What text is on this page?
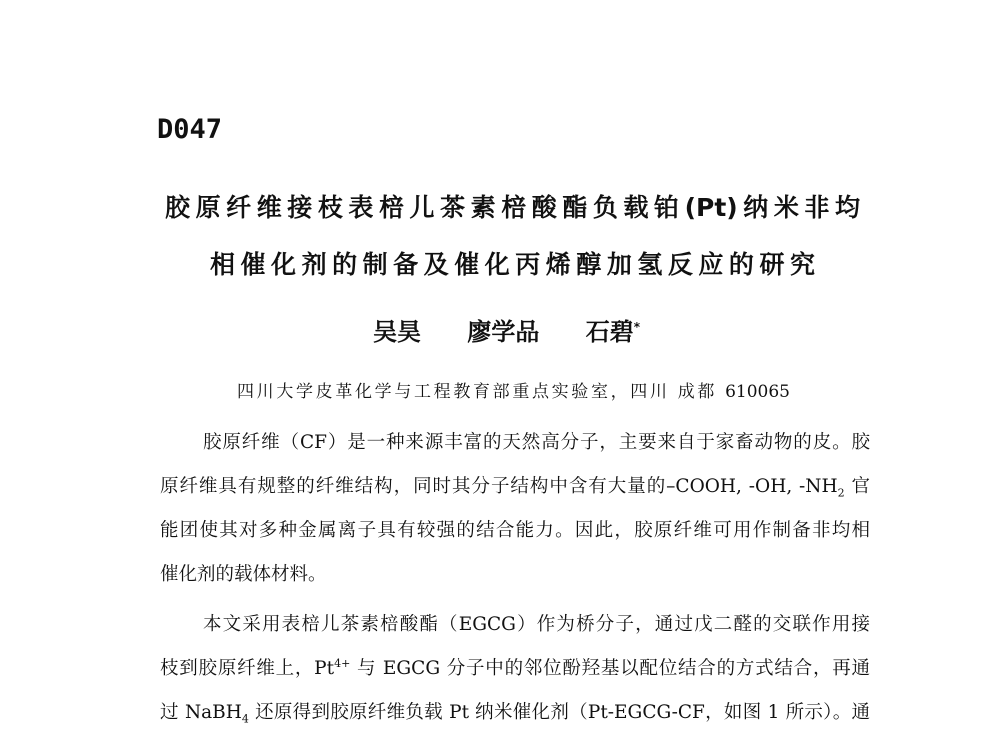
D047
胶原纤维接枝表棓儿茶素棓酸酯负载铂(Pt)纳米非均
相催化剂的制备及催化丙烯醇加氢反应的研究
吴昊 廖学品 石碧*
四川大学皮革化学与工程教育部重点实验室，四川 成都 610065
胶原纤维（CF）是一种来源丰富的天然高分子，主要来自于家畜动物的皮。胶
原纤维具有规整的纤维结构，同时其分子结构中含有大量的–COOH, -OH, $-NH_2$ 官
能团使其对多种金属离子具有较强的结合能力。因此，胶原纤维可用作制备非均相
催化剂的载体材料。
本文采用表棓儿茶素棓酸酯（EGCG）作为桥分子，通过戊二醛的交联作用接
枝到胶原纤维上，$Pt^{4+}$ 与 EGCG 分子中的邻位酚羟基以配位结合的方式结合，再通
过 NaBH$_4$ 还原得到胶原纤维负载 Pt 纳米催化剂（Pt-EGCG-CF，如图 1 所示）。通
